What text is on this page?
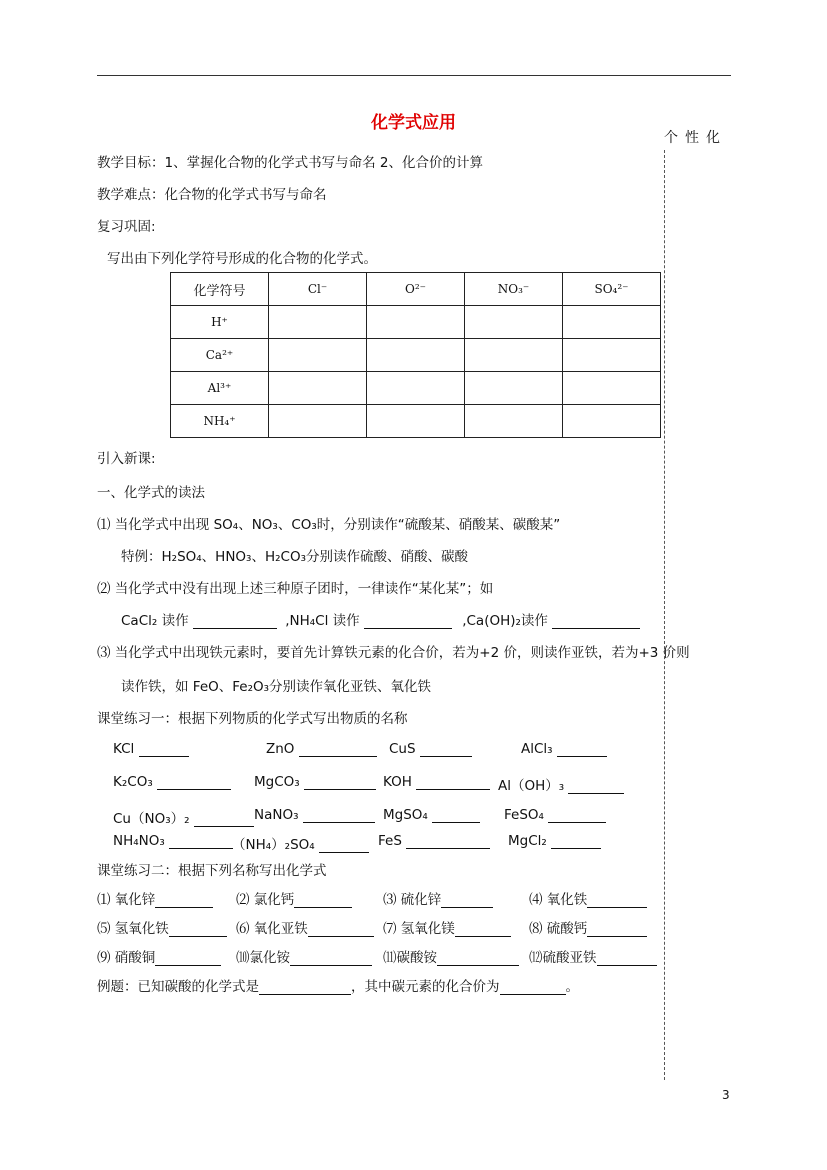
化学式应用
个性化
教学目标：1、掌握化合物的化学式书写与命名 2、化合价的计算
教学难点：化合物的化学式书写与命名
复习巩固:
写出由下列化学符号形成的化合物的化学式。
化学符号	Cl⁻	O²⁻	NO₃⁻	SO₄²⁻
H⁺				
Ca²⁺				
Al³⁺				
NH₄⁺				
引入新课:
一、化学式的读法
⑴ 当化学式中出现 SO₄、NO₃、CO₃时，分别读作“硫酸某、硝酸某、碳酸某”
特例：H₂SO₄、HNO₃、H₂CO₃分别读作硫酸、硝酸、碳酸
⑵ 当化学式中没有出现上述三种原子团时，一律读作“某化某”；如
CaCl₂ 读作	,NH₄Cl 读作	,Ca(OH)₂读作
⑶ 当化学式中出现铁元素时，要首先计算铁元素的化合价，若为+2 价，则读作亚铁，若为+3 价则
读作铁，如 FeO、Fe₂O₃分别读作氧化亚铁、氧化铁
课堂练习一：根据下列物质的化学式写出物质的名称
KCl	ZnO	CuS	AlCl₃
K₂CO₃	MgCO₃	KOH	Al（OH）₃
Cu（NO₃）₂	NaNO₃	MgSO₄	FeSO₄
NH₄NO₃	（NH₄）₂SO₄	FeS	MgCl₂
课堂练习二：根据下列名称写出化学式
⑴ 氧化锌	⑵ 氯化钙	⑶ 硫化锌	⑷ 氧化铁
⑸ 氢氧化铁	⑹ 氧化亚铁	⑺ 氢氧化镁	⑻ 硫酸钙
⑼ 硝酸铜	⑽氯化铵	⑾碳酸铵	⑿硫酸亚铁
例题：已知碳酸的化学式是	，其中碳元素的化合价为	。
3
